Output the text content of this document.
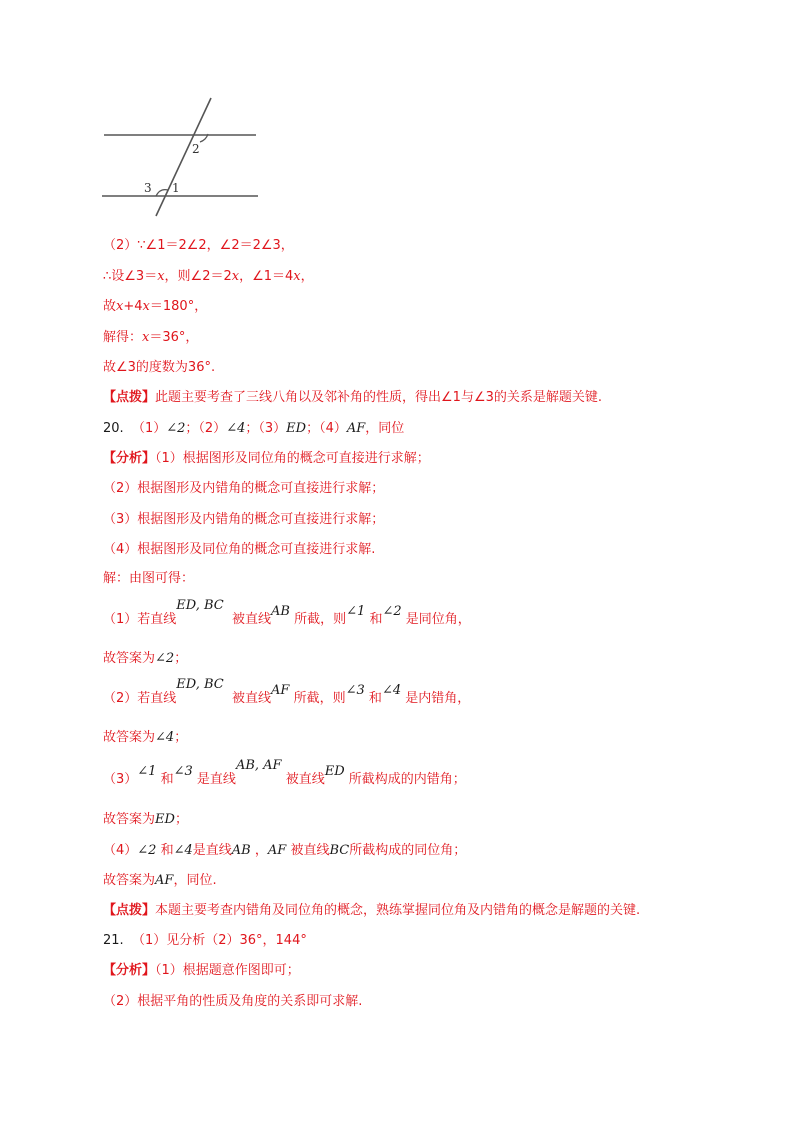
2
3 1
（2）∵∠1＝2∠2，∠2＝2∠3，
∴设∠3＝x，则∠2＝2x，∠1＝4x，
故x+4x＝180°，
解得：x＝36°，
故∠3的度数为36°.
【点拨】此题主要考查了三线八角以及邻补角的性质，得出∠1与∠3的关系是解题关键.
20. （1）∠2；（2）∠4；（3）ED；（4）AF，同位
【分析】（1）根据图形及同位角的概念可直接进行求解；
（2）根据图形及内错角的概念可直接进行求解；
（3）根据图形及内错角的概念可直接进行求解；
（4）根据图形及同位角的概念可直接进行求解.
解：由图可得：
（1）若直线ED, BC  被直线AB 所截，则∠1 和∠2 是同位角，
故答案为∠2；
（2）若直线ED, BC  被直线AF 所截，则∠3 和∠4 是内错角，
故答案为∠4；
（3）∠1 和∠3 是直线AB, AF 被直线ED 所截构成的内错角；
故答案为ED；
（4）∠2 和∠4是直线AB ，AF 被直线BC所截构成的同位角；
故答案为AF，同位.
【点拨】本题主要考查内错角及同位角的概念，熟练掌握同位角及内错角的概念是解题的关键.
21. （1）见分析（2）36°，144°
【分析】（1）根据题意作图即可；
（2）根据平角的性质及角度的关系即可求解.
